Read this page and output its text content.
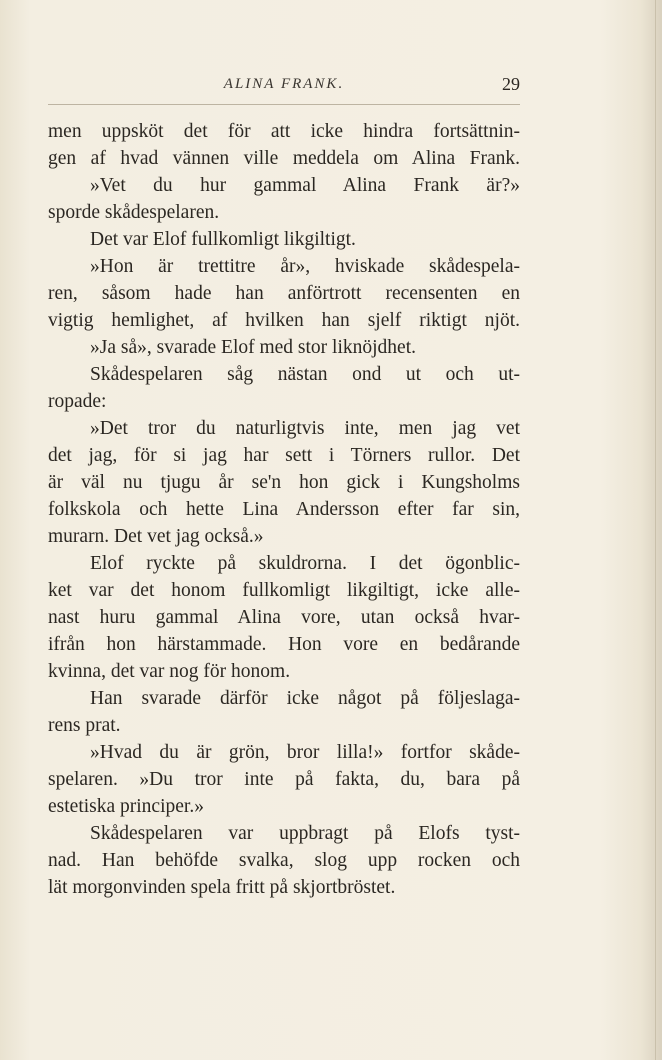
ALINA FRANK.	29
men uppsköt det för att icke hindra fortsättnin-
gen af hvad vännen ville meddela om Alina Frank.
»Vet du hur gammal Alina Frank är?»
sporde skådespelaren.
Det var Elof fullkomligt likgiltigt.
»Hon är trettitre år», hviskade skådespela-
ren, såsom hade han anförtrott recensenten en
vigtig hemlighet, af hvilken han sjelf riktigt njöt.
»Ja så», svarade Elof med stor liknöjdhet.
Skådespelaren såg nästan ond ut och ut-
ropade:
»Det tror du naturligtvis inte, men jag vet
det jag, för si jag har sett i Törners rullor. Det
är väl nu tjugu år se'n hon gick i Kungsholms
folkskola och hette Lina Andersson efter far sin,
murarn. Det vet jag också.»
Elof ryckte på skuldrorna. I det ögonblic-
ket var det honom fullkomligt likgiltigt, icke alle-
nast huru gammal Alina vore, utan också hvar-
ifrån hon härstammade. Hon vore en bedårande
kvinna, det var nog för honom.
Han svarade därför icke något på följeslaga-
rens prat.
»Hvad du är grön, bror lilla!» fortfor skåde-
spelaren. »Du tror inte på fakta, du, bara på
estetiska principer.»
Skådespelaren var uppbragt på Elofs tyst-
nad. Han behöfde svalka, slog upp rocken och
lät morgonvinden spela fritt på skjortbröstet.
